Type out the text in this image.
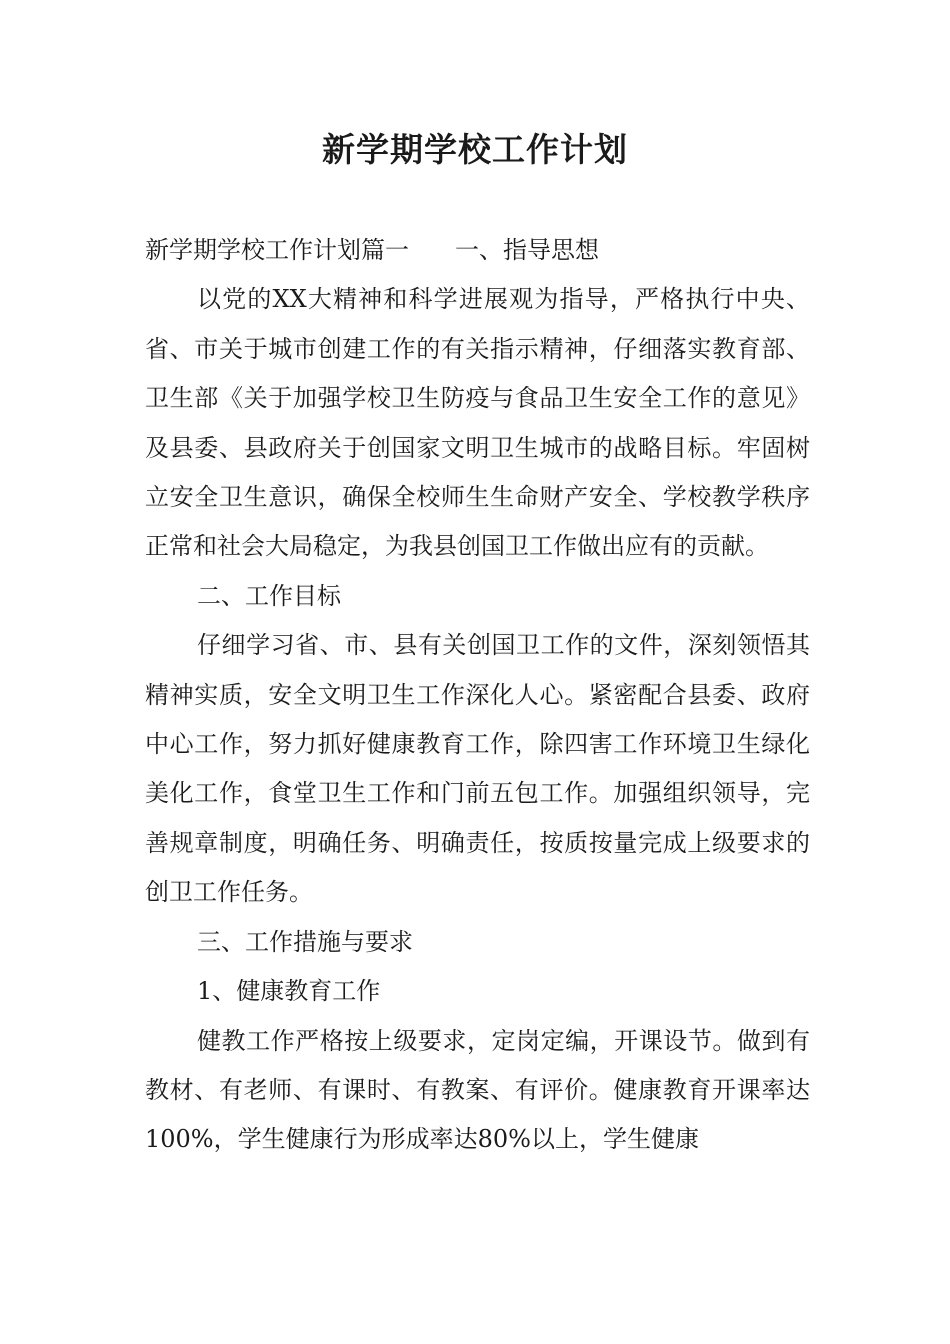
新学期学校工作计划

新学期学校工作计划篇一 一、指导思想

以党的XX大精神和科学进展观为指导，严格执行中央、省、市关于城市创建工作的有关指示精神，仔细落实教育部、卫生部《关于加强学校卫生防疫与食品卫生安全工作的意见》及县委、县政府关于创国家文明卫生城市的战略目标。牢固树立安全卫生意识，确保全校师生生命财产安全、学校教学秩序正常和社会大局稳定，为我县创国卫工作做出应有的贡献。

二、工作目标

仔细学习省、市、县有关创国卫工作的文件，深刻领悟其精神实质，安全文明卫生工作深化人心。紧密配合县委、政府中心工作，努力抓好健康教育工作，除四害工作环境卫生绿化美化工作，食堂卫生工作和门前五包工作。加强组织领导，完善规章制度，明确任务、明确责任，按质按量完成上级要求的创卫工作任务。

三、工作措施与要求

1、健康教育工作

健教工作严格按上级要求，定岗定编，开课设节。做到有教材、有老师、有课时、有教案、有评价。健康教育开课率达100%，学生健康行为形成率达80%以上，学生健康
